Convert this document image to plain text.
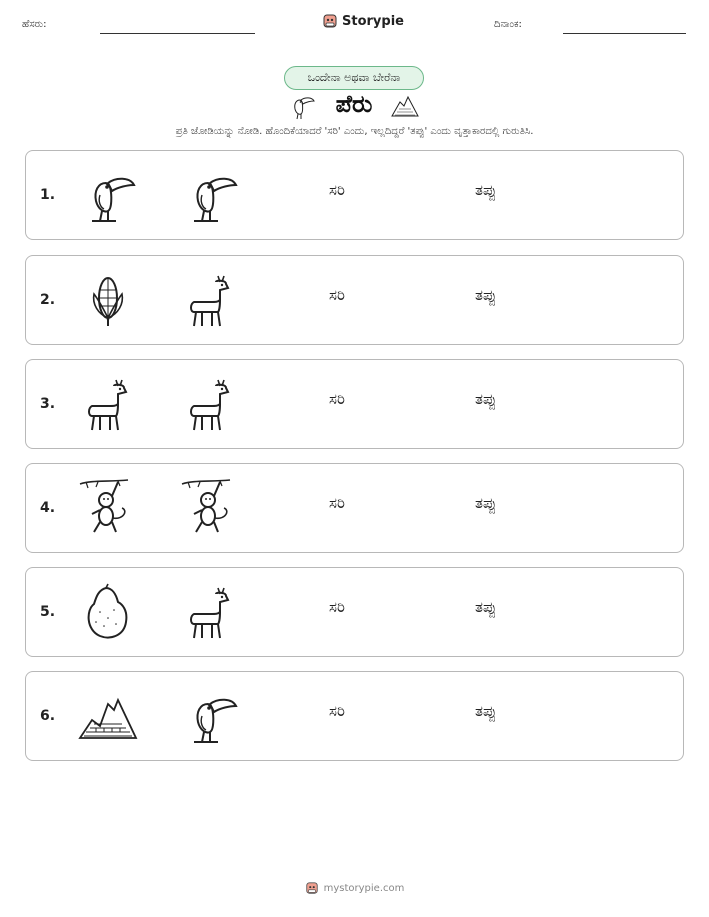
ಹೆಸರು:	Storypie	ದಿನಾಂಕ:
ಒಂದೇನಾ ಅಥವಾ ಬೇರೆನಾ
ಪೆರು
ಪ್ರತಿ ಜೋಡಿಯನ್ನು ನೋಡಿ. ಹೊಂದಿಕೆಯಾದರೆ 'ಸರಿ' ಎಂದು, ಇಲ್ಲದಿದ್ದರೆ 'ತಪ್ಪು' ಎಂದು ವೃತ್ತಾಕಾರದಲ್ಲಿ ಗುರುತಿಸಿ.
1.	ಸರಿ	ತಪ್ಪು
2.	ಸರಿ	ತಪ್ಪು
3.	ಸರಿ	ತಪ್ಪು
4.	ಸರಿ	ತಪ್ಪು
5.	ಸರಿ	ತಪ್ಪು
6.	ಸರಿ	ತಪ್ಪು
mystorypie.com
